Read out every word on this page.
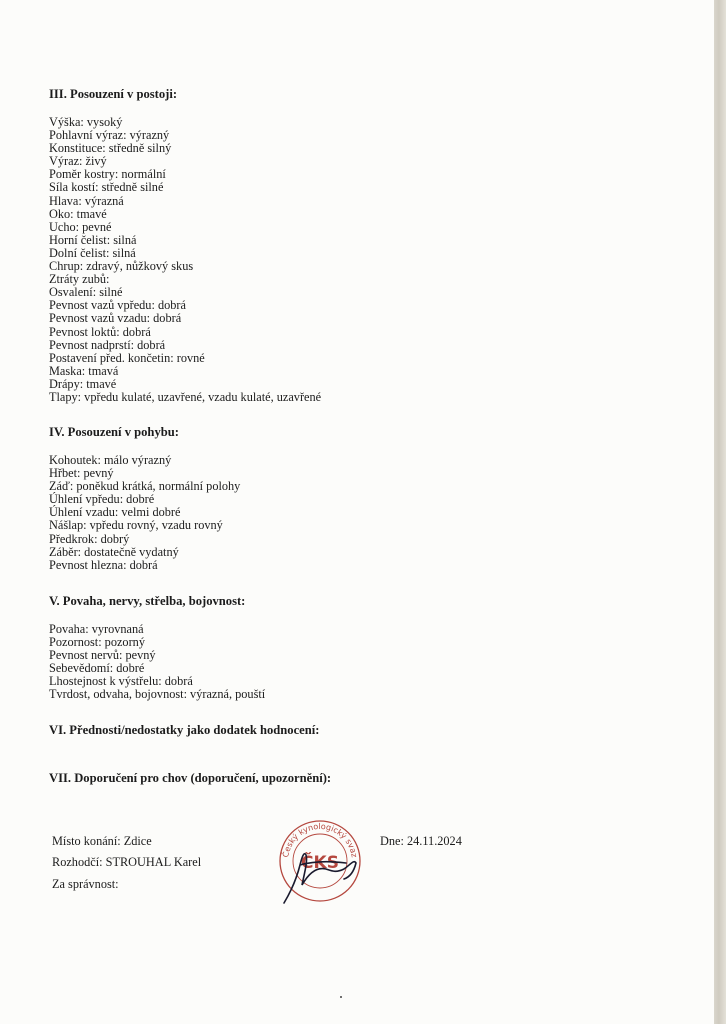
III. Posouzení v postoji:
Výška: vysoký
Pohlavní výraz: výrazný
Konstituce: středně silný
Výraz: živý
Poměr kostry: normální
Síla kostí: středně silné
Hlava: výrazná
Oko: tmavé
Ucho: pevné
Horní čelist: silná
Dolní čelist: silná
Chrup: zdravý, nůžkový skus
Ztráty zubů:
Osvalení: silné
Pevnost vazů vpředu: dobrá
Pevnost vazů vzadu: dobrá
Pevnost loktů: dobrá
Pevnost nadprstí: dobrá
Postavení před. končetin: rovné
Maska: tmavá
Drápy: tmavé
Tlapy: vpředu kulaté, uzavřené, vzadu kulaté, uzavřené
IV. Posouzení v pohybu:
Kohoutek: málo výrazný
Hřbet: pevný
Záď: poněkud krátká, normální polohy
Úhlení vpředu: dobré
Úhlení vzadu: velmi dobré
Nášlap: vpředu rovný, vzadu rovný
Předkrok: dobrý
Záběr: dostatečně vydatný
Pevnost hlezna: dobrá
V. Povaha, nervy, střelba, bojovnost:
Povaha: vyrovnaná
Pozornost: pozorný
Pevnost nervů: pevný
Sebevědomí: dobré
Lhostejnost k výstřelu: dobrá
Tvrdost, odvaha, bojovnost: výrazná, pouští
VI. Přednosti/nedostatky jako dodatek hodnocení:
VII. Doporučení pro chov (doporučení, upozornění):
Místo konání: Zdice
Rozhodčí: STROUHAL Karel
Za správnost:
Dne: 24.11.2024
Český kynologický svaz
ČKS
